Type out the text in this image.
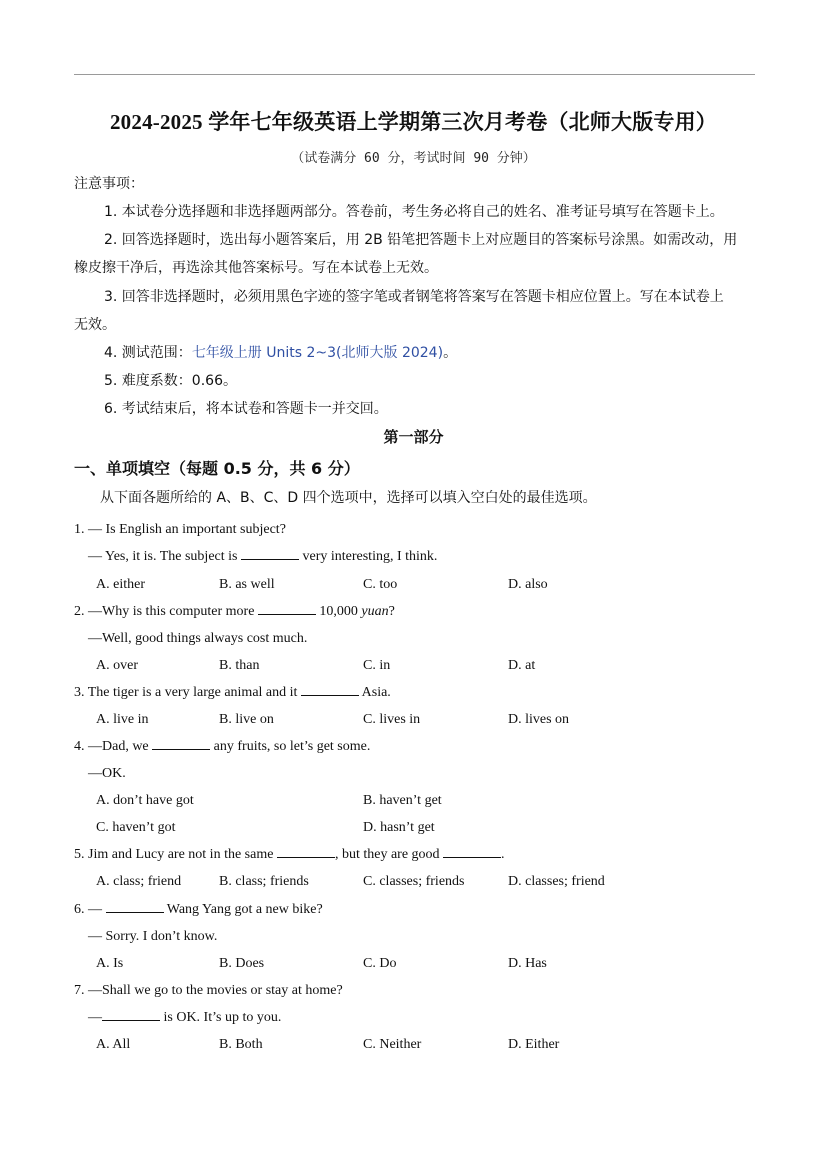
2024-2025 学年七年级英语上学期第三次月考卷（北师大版专用）
（试卷满分 60 分，考试时间 90 分钟）
注意事项：
1. 本试卷分选择题和非选择题两部分。答卷前，考生务必将自己的姓名、准考证号填写在答题卡上。
2. 回答选择题时，选出每小题答案后，用 2B 铅笔把答题卡上对应题目的答案标号涂黑。如需改动，用
橡皮擦干净后，再选涂其他答案标号。写在本试卷上无效。
3. 回答非选择题时，必须用黑色字迹的签字笔或者钢笔将答案写在答题卡相应位置上。写在本试卷上
无效。
4. 测试范围：七年级上册 Units 2~3(北师大版 2024)。
5. 难度系数：0.66。
6. 考试结束后，将本试卷和答题卡一并交回。
第一部分
一、单项填空（每题 0.5 分，共 6 分）
从下面各题所给的 A、B、C、D 四个选项中，选择可以填入空白处的最佳选项。
1. — Is English an important subject?
— Yes, it is. The subject is	very interesting, I think.
A. either	B. as well	C. too	D. also
2. —Why is this computer more	10,000 yuan?
—Well, good things always cost much.
A. over	B. than	C. in	D. at
3. The tiger is a very large animal and it	Asia.
A. live in	B. live on	C. lives in	D. lives on
4. —Dad, we	any fruits, so let’s get some.
—OK.
A. don’t have got	B. haven’t get
C. haven’t got	D. hasn’t get
5. Jim and Lucy are not in the same	, but they are good	.
A. class; friend	B. class; friends	C. classes; friends	D. classes; friend
6. —	Wang Yang got a new bike?
— Sorry. I don’t know.
A. Is	B. Does	C. Do	D. Has
7. —Shall we go to the movies or stay at home?
—	is OK. It’s up to you.
A. All	B. Both	C. Neither	D. Either
